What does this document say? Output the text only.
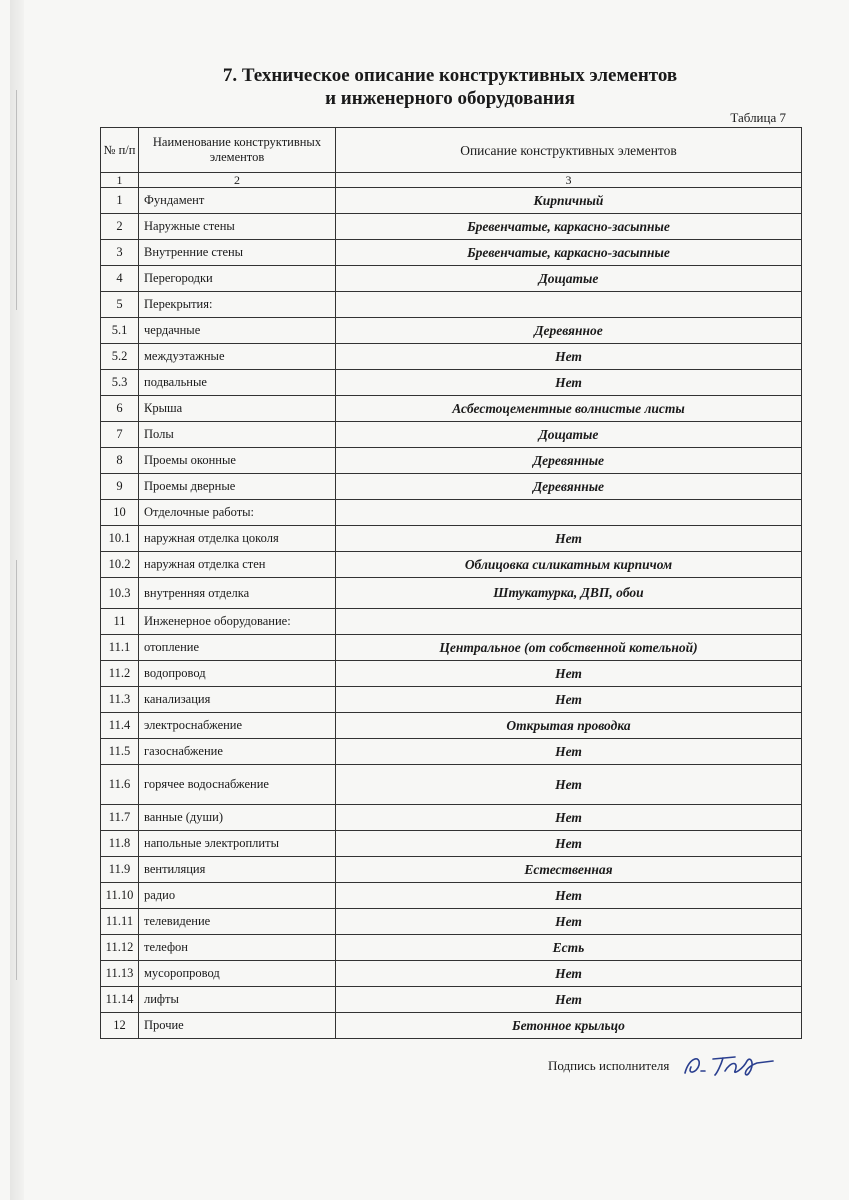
7. Техническое описание конструктивных элементов
и инженерного оборудования
Таблица 7
№ п/п	Наименование конструктивных элементов	Описание конструктивных элементов
1	2	3
1	Фундамент	Кирпичный
2	Наружные стены	Бревенчатые, каркасно-засыпные
3	Внутренние стены	Бревенчатые, каркасно-засыпные
4	Перегородки	Дощатые
5	Перекрытия:	
5.1	чердачные	Деревянное
5.2	междуэтажные	Нет
5.3	подвальные	Нет
6	Крыша	Асбестоцементные волнистые листы
7	Полы	Дощатые
8	Проемы оконные	Деревянные
9	Проемы дверные	Деревянные
10	Отделочные работы:	
10.1	наружная отделка цоколя	Нет
10.2	наружная отделка стен	Облицовка силикатным кирпичом
10.3	внутренняя отделка	Штукатурка, ДВП, обои
11	Инженерное оборудование:	
11.1	отопление	Центральное (от собственной котельной)
11.2	водопровод	Нет
11.3	канализация	Нет
11.4	электроснабжение	Открытая проводка
11.5	газоснабжение	Нет
11.6	горячее водоснабжение	Нет
11.7	ванные (души)	Нет
11.8	напольные электроплиты	Нет
11.9	вентиляция	Естественная
11.10	радио	Нет
11.11	телевидение	Нет
11.12	телефон	Есть
11.13	мусоропровод	Нет
11.14	лифты	Нет
12	Прочие	Бетонное крыльцо
Подпись исполнителя
